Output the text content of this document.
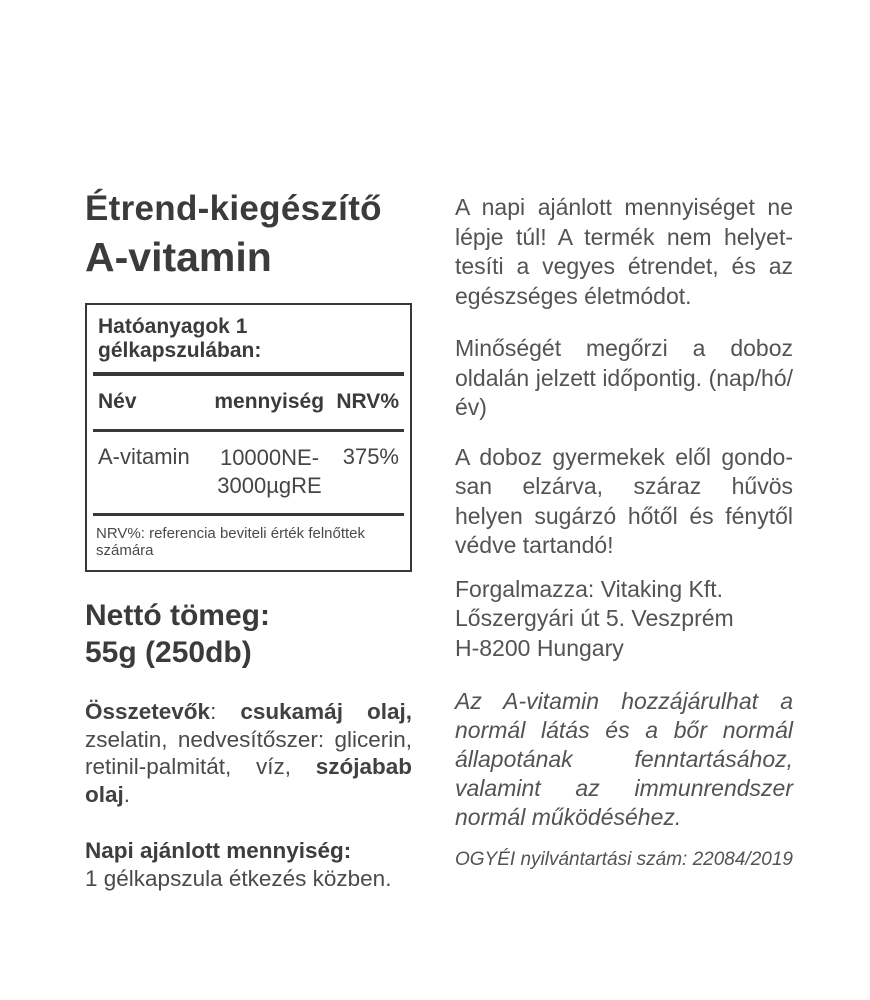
Étrend-kiegészítő
A-vitamin
Hatóanyagok 1 gélkapszulában:
Név	mennyiség NRV%
A-vitamin	10000NE-
3000µgRE
375%
NRV%: referencia beviteli érték felnőttek számára
Nettó tömeg:
55g (250db)
Összetevők: csukamáj olaj, zselatin, nedvesítőszer: glicerin, retinil-palmitát, víz, szójabab olaj.
Napi ajánlott mennyiség:
1 gélkapszula étkezés közben.

A napi ajánlott mennyiséget ne lépje túl! A termék nem helyettesíti a vegyes étrendet, és az egészséges életmódot.

Minőségét megőrzi a doboz oldalán jelzett időpontig. (nap/hó/év)

A doboz gyermekek elől gondosan elzárva, száraz hűvös helyen sugárzó hőtől és fénytől védve tartandó!

Forgalmazza: Vitaking Kft.
Lőszergyári út 5. Veszprém
H-8200 Hungary

Az A-vitamin hozzájárulhat a normál látás és a bőr normál állapotának fenntartásához, valamint az immunrendszer normál működéséhez.

OGYÉI nyilvántartási szám: 22084/2019
